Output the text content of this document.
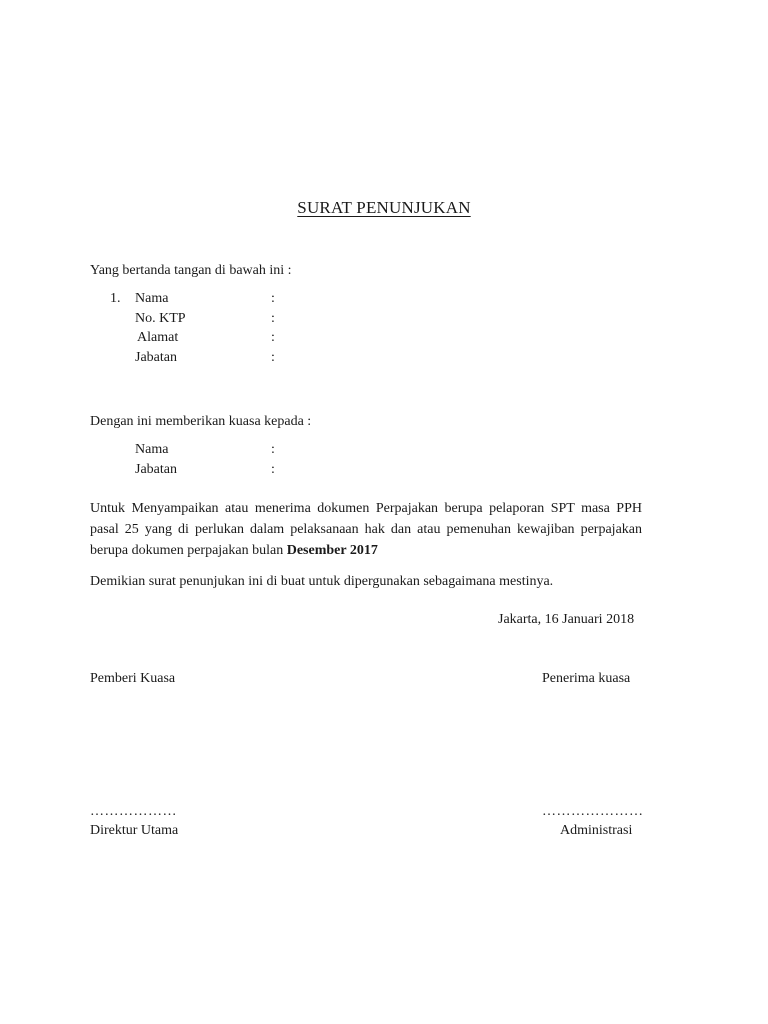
SURAT PENUNJUKAN
Yang bertanda tangan di bawah ini :
1. Nama	:
No. KTP	:
Alamat	:
Jabatan	:
Dengan ini memberikan kuasa kepada :
Nama	:
Jabatan	:
Untuk Menyampaikan atau menerima dokumen Perpajakan berupa pelaporan SPT masa PPH pasal 25 yang di perlukan dalam pelaksanaan hak dan atau pemenuhan kewajiban perpajakan berupa dokumen perpajakan bulan Desember 2017
Demikian surat penunjukan ini di buat untuk dipergunakan sebagaimana mestinya.
Jakarta, 16 Januari 2018
Pemberi Kuasa
………………
Direktur Utama
Penerima kuasa
…………………
Administrasi
